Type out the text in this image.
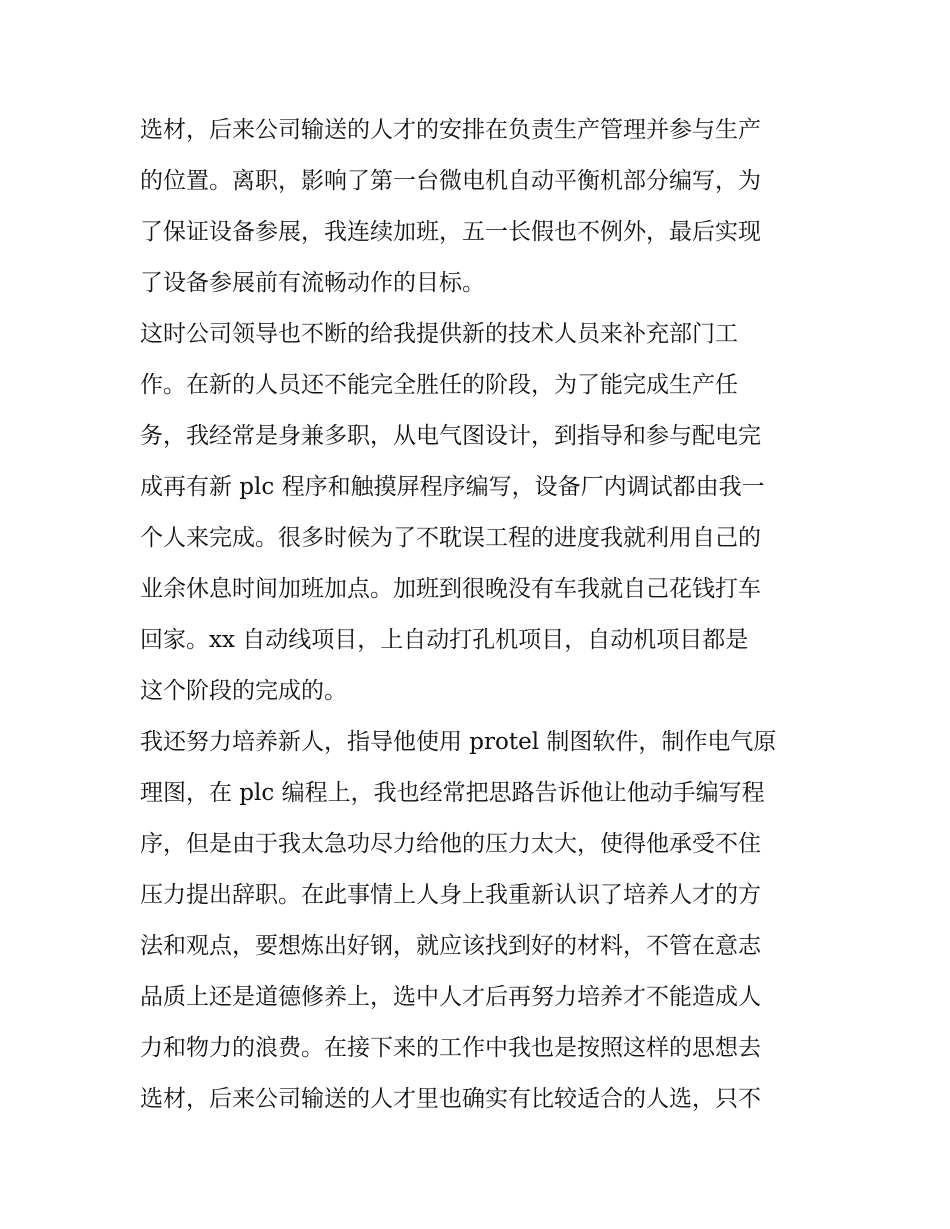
选材，后来公司输送的人才的安排在负责生产管理并参与生产
的位置。离职，影响了第一台微电机自动平衡机部分编写，为
了保证设备参展，我连续加班，五一长假也不例外，最后实现
了设备参展前有流畅动作的目标。
这时公司领导也不断的给我提供新的技术人员来补充部门工
作。在新的人员还不能完全胜任的阶段，为了能完成生产任
务，我经常是身兼多职，从电气图设计，到指导和参与配电完
成再有新 plc 程序和触摸屏程序编写，设备厂内调试都由我一
个人来完成。很多时候为了不耽误工程的进度我就利用自己的
业余休息时间加班加点。加班到很晚没有车我就自己花钱打车
回家。xx 自动线项目，上自动打孔机项目，自动机项目都是
这个阶段的完成的。
我还努力培养新人，指导他使用 protel 制图软件，制作电气原
理图，在 plc 编程上，我也经常把思路告诉他让他动手编写程
序，但是由于我太急功尽力给他的压力太大，使得他承受不住
压力提出辞职。在此事情上人身上我重新认识了培养人才的方
法和观点，要想炼出好钢，就应该找到好的材料，不管在意志
品质上还是道德修养上，选中人才后再努力培养才不能造成人
力和物力的浪费。在接下来的工作中我也是按照这样的思想去
选材，后来公司输送的人才里也确实有比较适合的人选，只不
